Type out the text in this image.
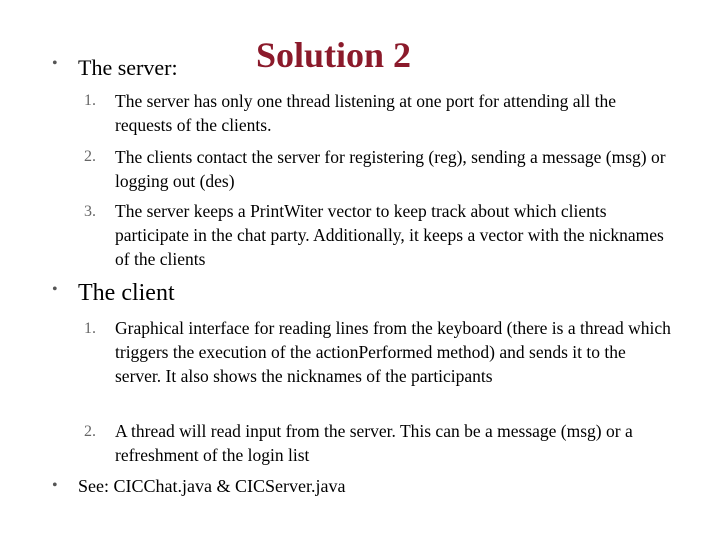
Solution 2
• The server:
1. The server has only one thread listening at one port for attending all the requests of the clients.
2. The clients contact the server for registering (reg), sending a message (msg) or logging out (des)
3. The server keeps a PrintWiter vector to keep track about which clients participate in the chat party. Additionally, it keeps a vector with the nicknames of the clients
• The client
1. Graphical interface for reading lines from the keyboard (there is a thread which triggers the execution of the actionPerformed method) and sends it to the server. It also shows the nicknames of the participants
2. A thread will read input from the server. This can be a message (msg) or a refreshment of the login list
• See: CICChat.java & CICServer.java
